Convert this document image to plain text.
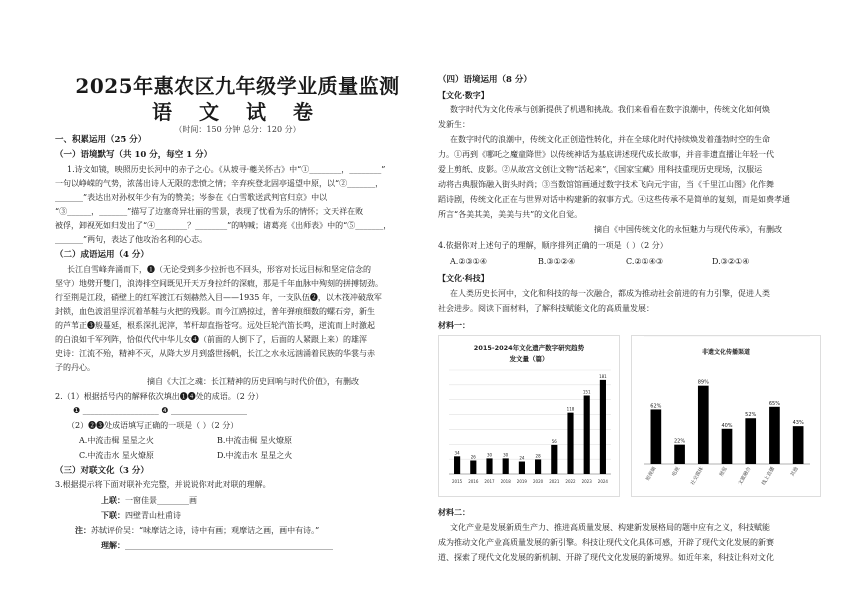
2025年惠农区九年级学业质量监测
语 文 试 卷
（时间：150 分钟 总分：120 分）
一、积累运用（25 分）
（一）语境默写（共 10 分，每空 1 分）
1.诗文如镜，映照历史长河中的赤子之心。《从坡寻·夔关怀古》中“①________，________”
一句以峥嵘的气势，浓荡出诗人无限的悲愤之情；辛弃疾登北固亭遥望中原，以“②_______，
_______”表达出对孙权年少有为的赞美；岑参在《白雪歌送武判官归京》中以
“③______，_______”描写了边塞奇异壮丽的雪景，表现了忧看为乐的情怀；文天祥在败
被俘，卸视死如归发出了“④________？________”的呐喊；诸葛亮《出师表》中的“⑤_______，
_______”两句，表达了他攻治名利的心志。
（二）成语运用（4 分）
长江自雪峰奔涌而下，❶（无论受到多少拉折也不回头，形容对长远目标和坚定信念的
坚守）地劈开雙门，浪涛排空间既见开天万身拉纤的深瘕，那是千年血脉中殉刻的拼搏韧劲。
行至荆是江段，硝壁上的红军渡江石刻赫然入目——1935 年，一支队伍❷，以木筏冲破敌军
封锁，血色波滔里浮沉着革鞋与火把的残影。而今江鸥掠过，普年弹痕细数的螺石旁，新生
的芦苇正❸般蔓延，根系深扎泥滓，苇杆却直指苍穹。远处巨轮汽笛长鸣，逆流而上时激起
的白浪如千军列阵，恰似代代中华儿女❹（前面的人倒下了，后面的人紧跟上来）的雄浑
史诗：江流不殆，精神不灭，从降大岁月到盛世扬帆，长江之水永远汹涌着民族的华裳与赤
子的丹心。
摘自《大江之魂：长江精神的历史回响与时代价值》，有删改
2.（1）根据括号内的解释依次填出❶❹处的成语。（2 分）
❶ ___________________ ❹ ___________________
（2）❷❸处成语填写正确的一项是（ ）（2 分）
A.中流击楫 星星之火	B.中流击楫 星火燎原
C.中流击水 星火燎原	D.中流击水 星星之火
（三）对联文化（3 分）
3.根据提示将下面对联补充完整，并说说你对此对联的理解。
上联：一窗佳景________画
下联：四壁青山杜甫诗
注：苏轼评价吴：“味摩诘之诗，诗中有画；观摩诘之画，画中有诗。”
理解：____________________________________________________
（四）语境运用（8 分）
【文化·数字】
数字时代为文化传承与创新提供了机遇和挑战。我们来看看在数字浪潮中，传统文化如何焕
发新生：
在数字时代的浪潮中，传统文化正创造性转化，并在全球化时代持续焕发着蓬勃时空的生命
力。①再到《哪吒之魔童降世》以传统神话为基底讲述现代成长故事，并音非遗直播让年轻一代
爱上剪纸、皮影。②从故宫文创让文物“活起来”，《国家宝藏》用科技重现历史现场，汉服运
动将古典服饰融入街头时尚；③当数馆馆画通过数字技术飞向元宇宙，当《千里江山图》化作舞
蹈诗剧，传统文化正在与世界对话中构建新的叙事方式。④这些传承不是简单的复刻，而是如费孝通
所言“各美其美，美美与共”的文化自觉。
摘自《中国传统文化的永恒魅力与现代传承》，有删改
4.依据你对上述句子的理解，顺序排列正确的一项是（ ）（2 分）
A.②③①④	B.③①②④	C.②①④③	D.③②①④
【文化·科技】
在人类历史长河中，文化和科技的每一次融合，都成为推动社会前进的有力引擎，促进人类
社会进步。阅读下面材料，了解科技赋能文化的高质量发展：
材料一：
2015-2024年文化遗产数字研究趋势
发文量（篇）
34
2015
26
2016
30
2017
30
2018
24
2019
28
2020
56
2021
118
2022
151
2023
181
2024
非遗文化传播渠道
62%
短视频
22%
电视
89%
社交媒体
40%
展览
52%
文旅融合
65%
线上直播
43%
其他
材料二：
文化产业是发展新质生产力、推进高质量发展、构建新发展格局的题中应有之义，科技赋能
成为推动文化产业高质量发展的新引擎。科技让现代文化具体可感，开辟了现代文化发展的新赛
道、探索了现代文化发展的新机制、开辟了现代文化发展的新境界。如近年来，科技让科对文化
